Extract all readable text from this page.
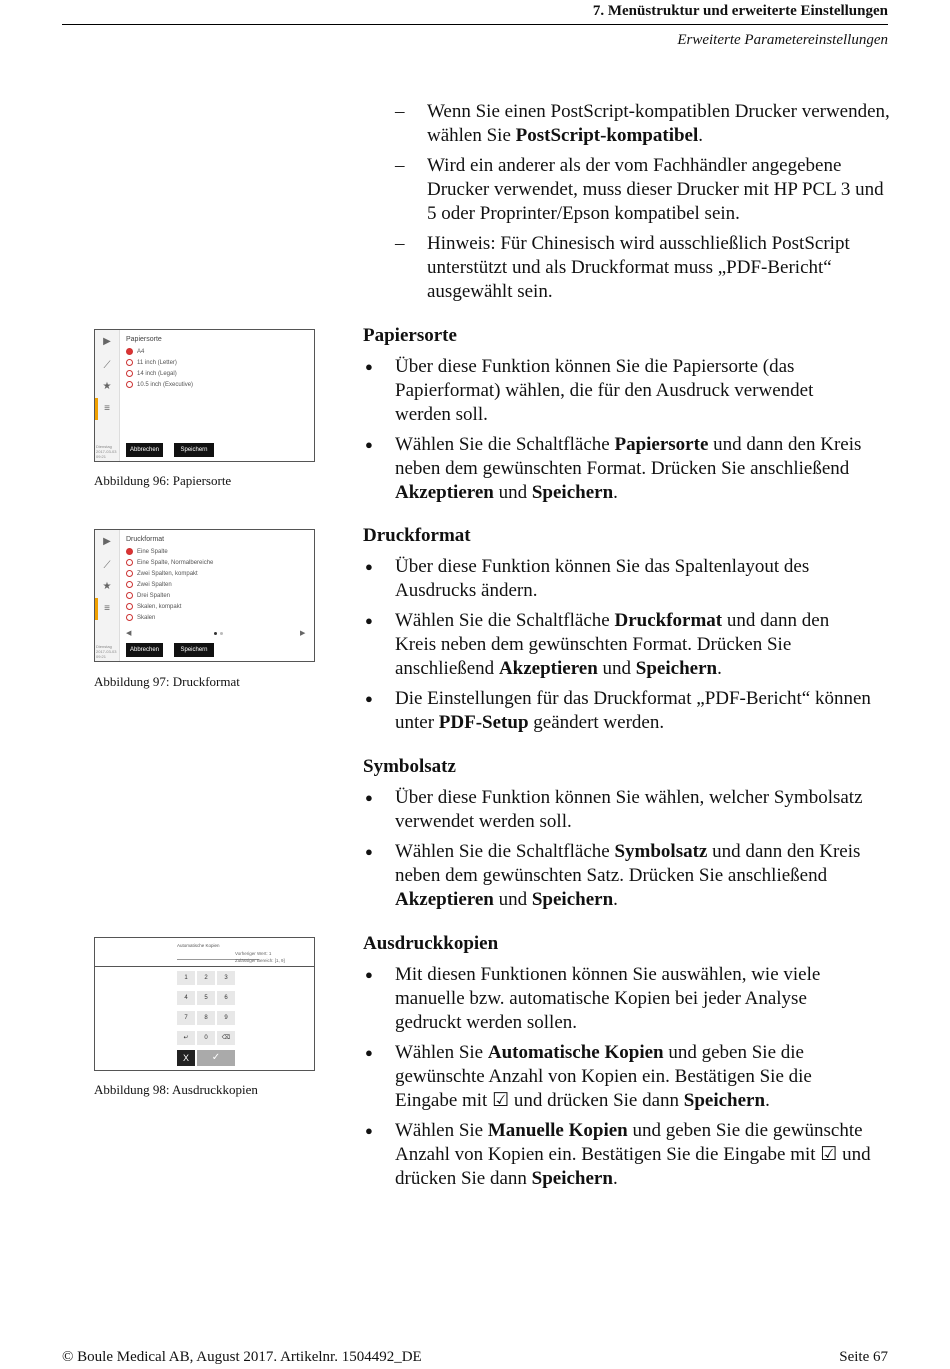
7. Menüstruktur und erweiterte Einstellungen
Erweiterte Parametereinstellungen
– Wenn Sie einen PostScript-kompatiblen Drucker verwenden, wählen Sie PostScript-kompatibel.
– Wird ein anderer als der vom Fachhändler angegebene Drucker verwendet, muss dieser Drucker mit HP PCL 3 und 5 oder Proprinter/Epson kompatibel sein.
– Hinweis: Für Chinesisch wird ausschließlich PostScript unterstützt und als Druckformat muss „PDF-Bericht“ ausgewählt sein.
Papiersorte
● Über diese Funktion können Sie die Papiersorte (das Papierformat) wählen, die für den Ausdruck verwendet werden soll.
● Wählen Sie die Schaltfläche Papiersorte und dann den Kreis neben dem gewünschten Format. Drücken Sie anschließend Akzeptieren und Speichern.
Druckformat
● Über diese Funktion können Sie das Spaltenlayout des Ausdrucks ändern.
● Wählen Sie die Schaltfläche Druckformat und dann den Kreis neben dem gewünschten Format. Drücken Sie anschließend Akzeptieren und Speichern.
● Die Einstellungen für das Druckformat „PDF-Bericht“ können unter PDF-Setup geändert werden.
Symbolsatz
● Über diese Funktion können Sie wählen, welcher Symbolsatz verwendet werden soll.
● Wählen Sie die Schaltfläche Symbolsatz und dann den Kreis neben dem gewünschten Satz. Drücken Sie anschließend Akzeptieren und Speichern.
Ausdruckkopien
● Mit diesen Funktionen können Sie auswählen, wie viele manuelle bzw. automatische Kopien bei jeder Analyse gedruckt werden sollen.
● Wählen Sie Automatische Kopien und geben Sie die gewünschte Anzahl von Kopien ein. Bestätigen Sie die Eingabe mit ☑ und drücken Sie dann Speichern.
● Wählen Sie Manuelle Kopien und geben Sie die gewünschte Anzahl von Kopien ein. Bestätigen Sie die Eingabe mit ☑ und drücken Sie dann Speichern.
▶
⟋
★
≡
Dienstag 2017-03-03 09:21
Papiersorte
A4
11 inch (Letter)
14 inch (Legal)
10.5 inch (Executive)
Abbrechen	Speichern
Abbildung 96: Papiersorte
▶
⟋
★
≡
Dienstag 2017-03-03 09:21
Druckformat
Eine Spalte
Eine Spalte, Normalbereiche
Zwei Spalten, kompakt
Zwei Spalten
Drei Spalten
Skalen, kompakt
Skalen
◀	▶
Abbrechen	Speichern
Abbildung 97: Druckformat
Automatische Kopien
Vorheriger Wert: 1
Zulässiger Bereich: [1, 9]
1	2	3
4	5	6
7	8	9
↵	0	⌫
X	✓
Abbildung 98: Ausdruckkopien
© Boule Medical AB, August 2017. Artikelnr. 1504492_DE	Seite 67
